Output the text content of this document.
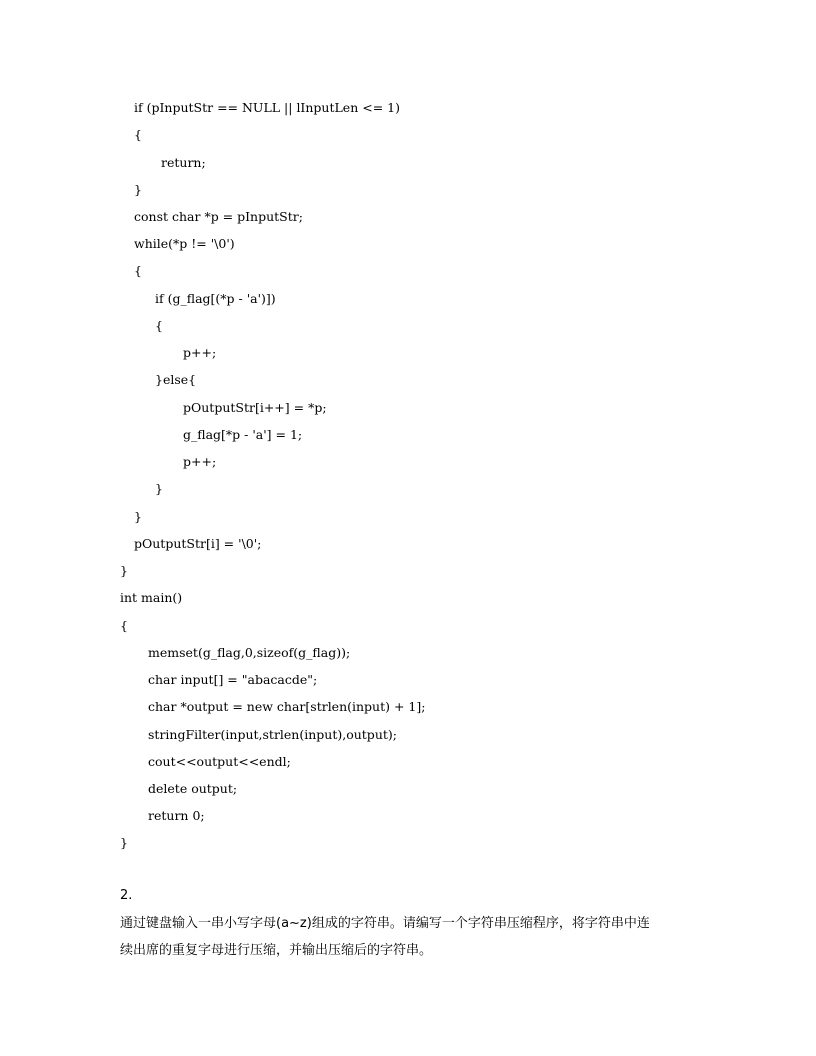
if (pInputStr == NULL || lInputLen <= 1)

{

return;

}

const char *p = pInputStr;

while(*p != '\0')

{

if (g_flag[(*p - 'a')])

{

p++;

}else{

pOutputStr[i++] = *p;

g_flag[*p - 'a'] = 1;

p++;

}

}

pOutputStr[i] = '\0';

}

int main()

{

memset(g_flag,0,sizeof(g_flag));

char input[] = "abacacde";

char *output = new char[strlen(input) + 1];

stringFilter(input,strlen(input),output);

cout<<output<<endl;

delete output;

return 0;

}

2.

通过键盘输入一串小写字母(a~z)组成的字符串。请编写一个字符串压缩程序，将字符串中连

续出席的重复字母进行压缩，并输出压缩后的字符串。
